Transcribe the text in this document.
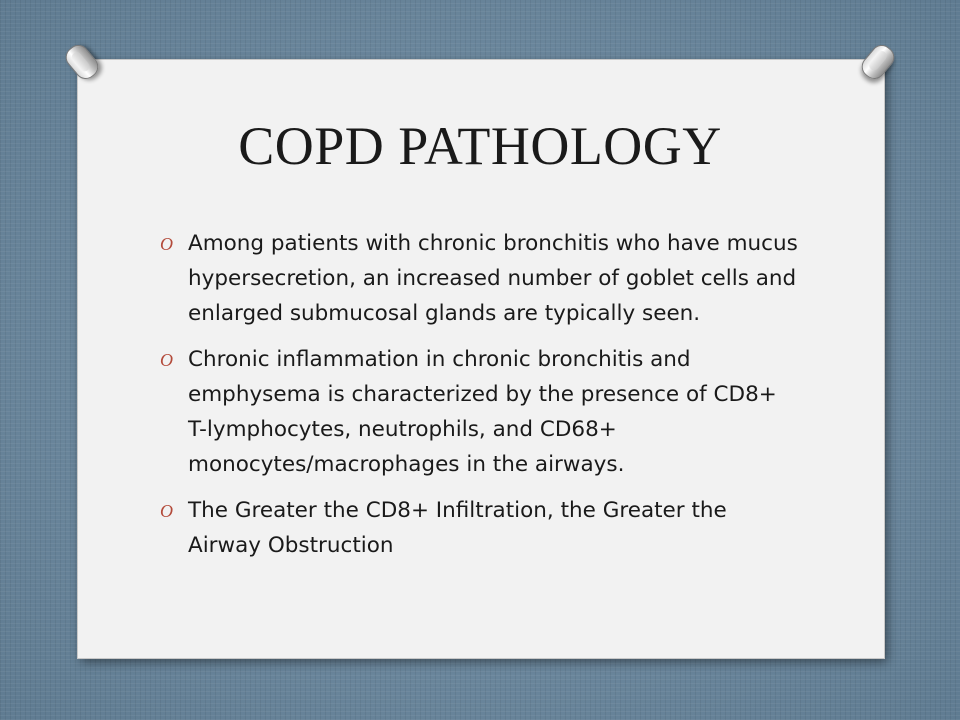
COPD PATHOLOGY
O Among patients with chronic bronchitis who have mucus hypersecretion, an increased number of goblet cells and enlarged submucosal glands are typically seen.
O Chronic inflammation in chronic bronchitis and emphysema is characterized by the presence of CD8+ T-lymphocytes, neutrophils, and CD68+ monocytes/macrophages in the airways.
O The Greater the CD8+ Infiltration, the Greater the Airway Obstruction
